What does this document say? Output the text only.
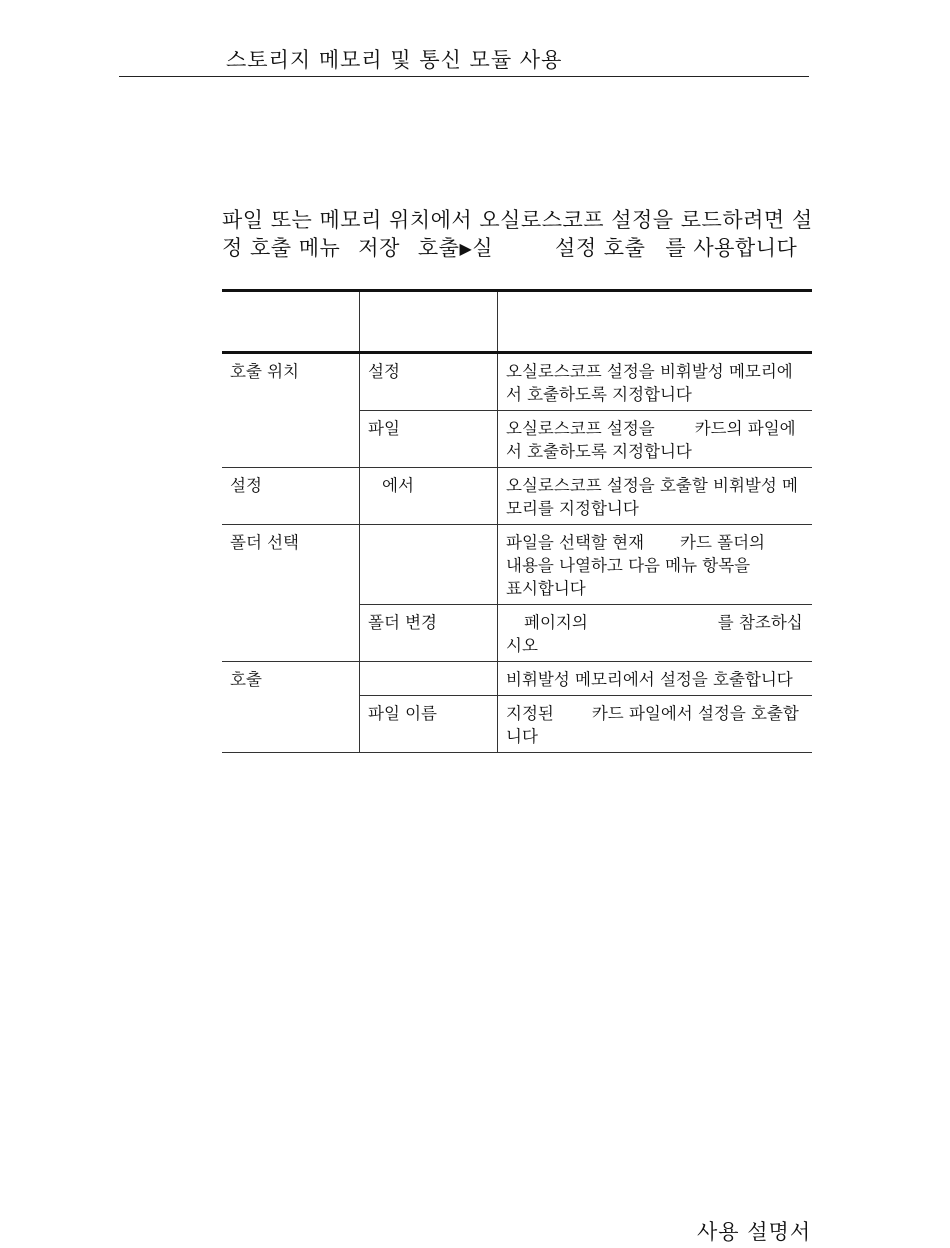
스토리지 메모리 및 통신 모듈 사용
파일 또는 메모리 위치에서 오실로스코프 설정을 로드하려면 설
정 호출 메뉴 저장 호출▶실	설정 호출 를 사용합니다

호출 위치	설정	오실로스코프 설정을 비휘발성 메모리에서 호출하도록 지정합니다
	파일	오실로스코프 설정을 카드의 파일에서 호출하도록 지정합니다
설정	에서	오실로스코프 설정을 호출할 비휘발성 메모리를 지정합니다
폴더 선택		파일을 선택할 현재 카드 폴더의
내용을 나열하고 다음 메뉴 항목을
표시합니다
	폴더 변경	페이지의 를 참조하십시오
호출		비휘발성 메모리에서 설정을 호출합니다
	파일 이름	지정된 카드 파일에서 설정을 호출합니다
사용 설명서
